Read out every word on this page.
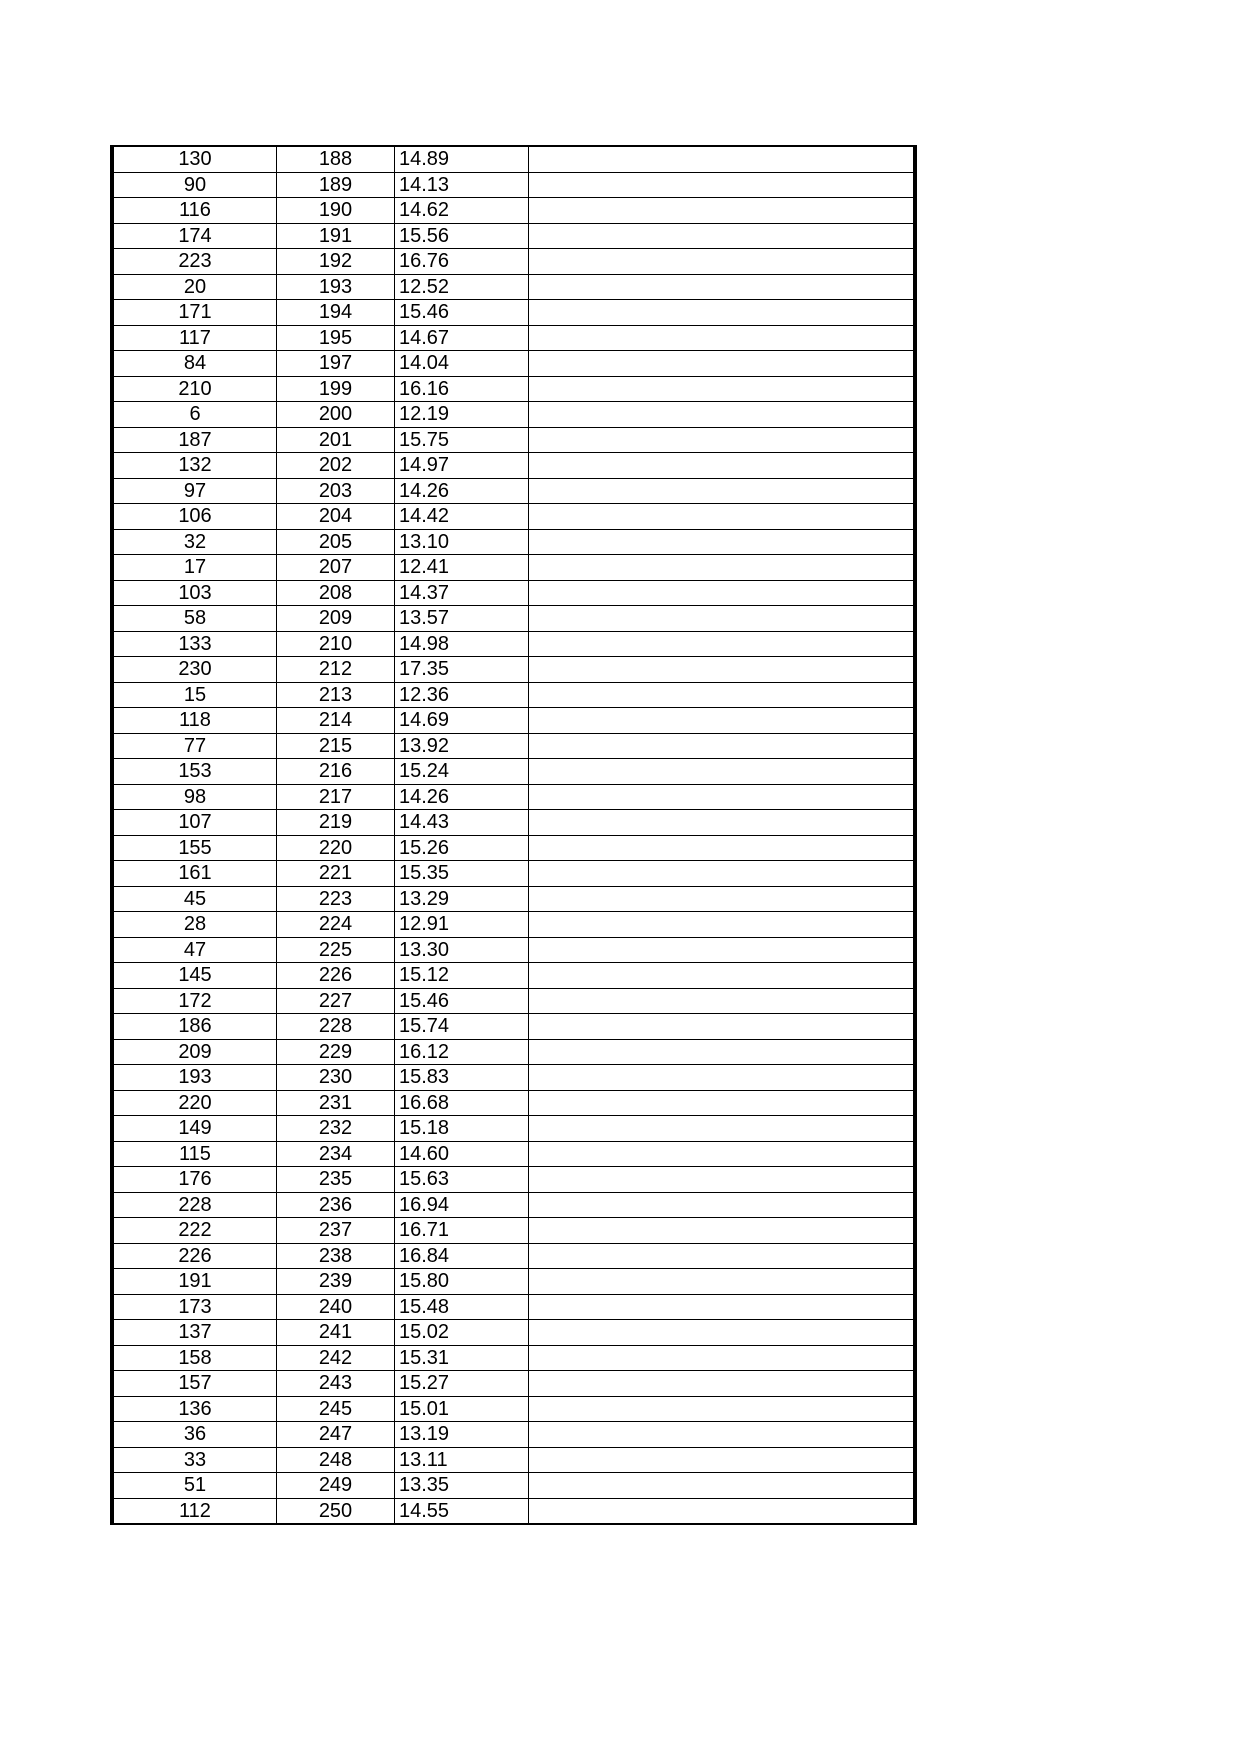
130	188	14.89	
90	189	14.13	
116	190	14.62	
174	191	15.56	
223	192	16.76	
20	193	12.52	
171	194	15.46	
117	195	14.67	
84	197	14.04	
210	199	16.16	
6	200	12.19	
187	201	15.75	
132	202	14.97	
97	203	14.26	
106	204	14.42	
32	205	13.10	
17	207	12.41	
103	208	14.37	
58	209	13.57	
133	210	14.98	
230	212	17.35	
15	213	12.36	
118	214	14.69	
77	215	13.92	
153	216	15.24	
98	217	14.26	
107	219	14.43	
155	220	15.26	
161	221	15.35	
45	223	13.29	
28	224	12.91	
47	225	13.30	
145	226	15.12	
172	227	15.46	
186	228	15.74	
209	229	16.12	
193	230	15.83	
220	231	16.68	
149	232	15.18	
115	234	14.60	
176	235	15.63	
228	236	16.94	
222	237	16.71	
226	238	16.84	
191	239	15.80	
173	240	15.48	
137	241	15.02	
158	242	15.31	
157	243	15.27	
136	245	15.01	
36	247	13.19	
33	248	13.11	
51	249	13.35	
112	250	14.55	
